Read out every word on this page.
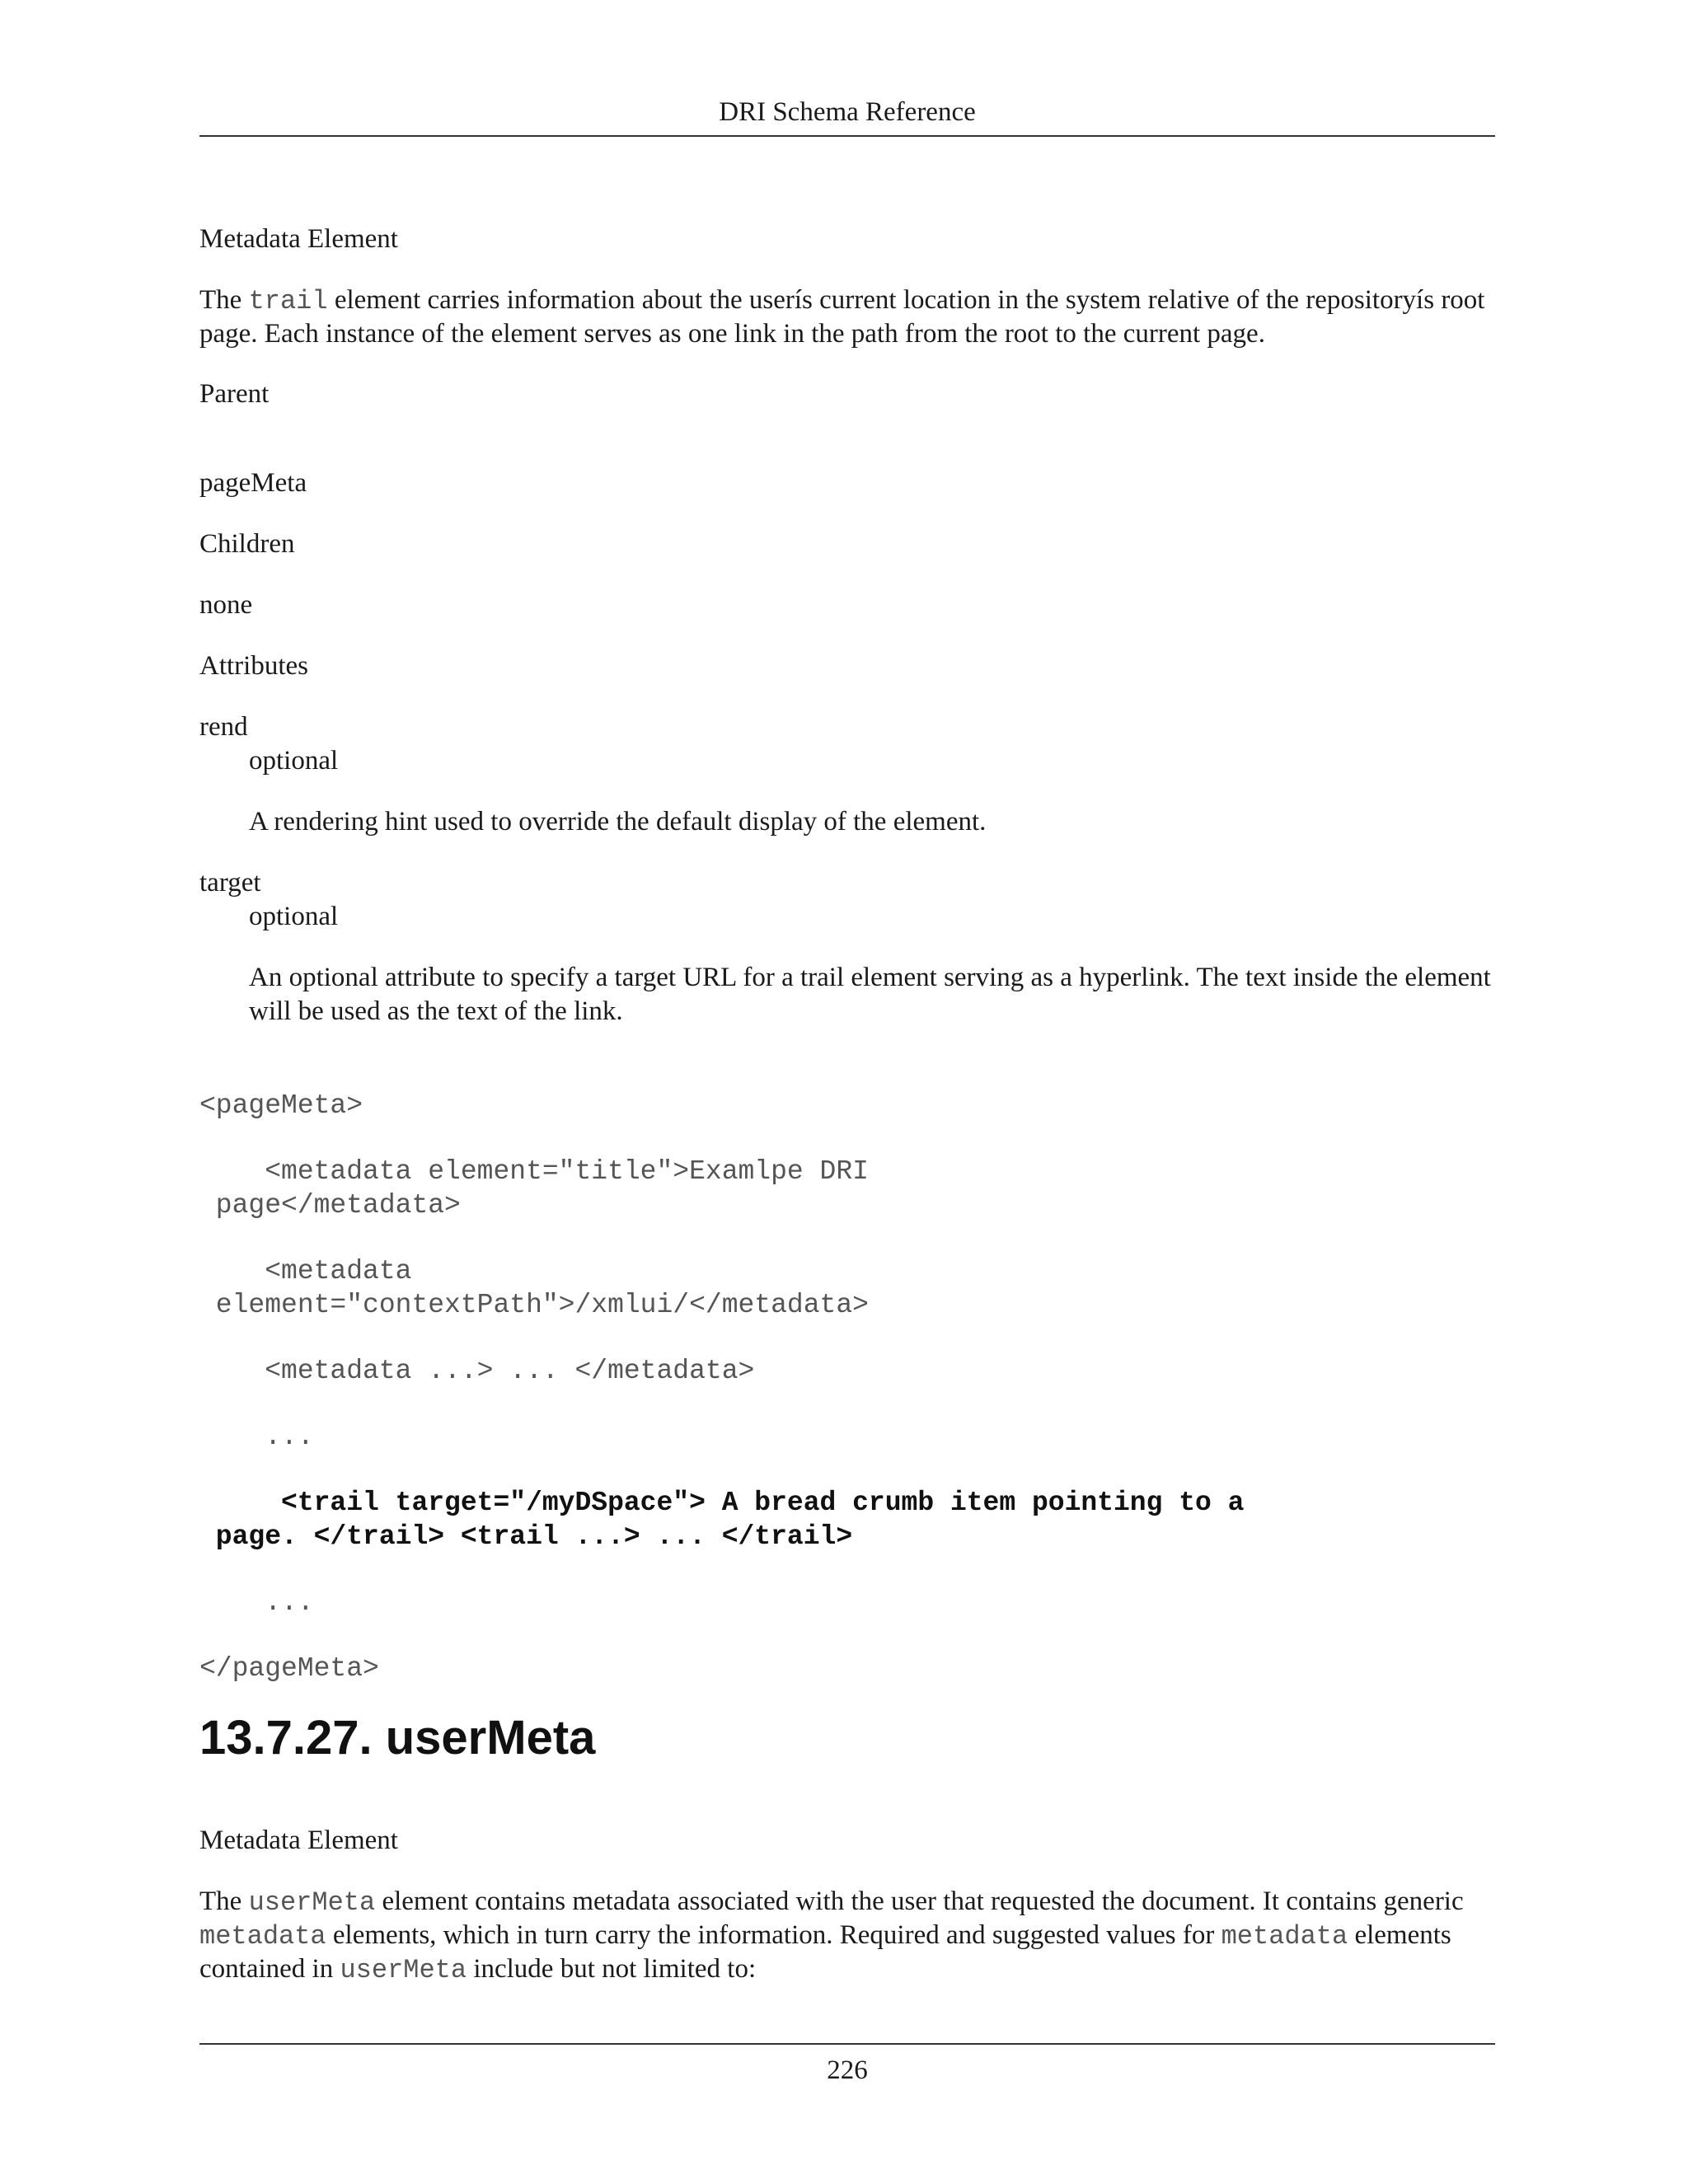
DRI Schema Reference
Metadata Element
The trail element carries information about the userís current location in the system relative of the repositoryís root
page. Each instance of the element serves as one link in the path from the root to the current page.
Parent
pageMeta
Children
none
Attributes
rend
optional
A rendering hint used to override the default display of the element.
target
optional
An optional attribute to specify a target URL for a trail element serving as a hyperlink. The text inside the element
will be used as the text of the link.
<pageMeta>
<metadata element="title">Examlpe DRI
page</metadata>
<metadata
element="contextPath">/xmlui/</metadata>
<metadata ...> ... </metadata>
...
<trail target="/myDSpace"> A bread crumb item pointing to a
page. </trail> <trail ...> ... </trail>
...
</pageMeta>
13.7.27. userMeta
Metadata Element
The userMeta element contains metadata associated with the user that requested the document. It contains generic
metadata elements, which in turn carry the information. Required and suggested values for metadata elements
contained in userMeta include but not limited to:
226
